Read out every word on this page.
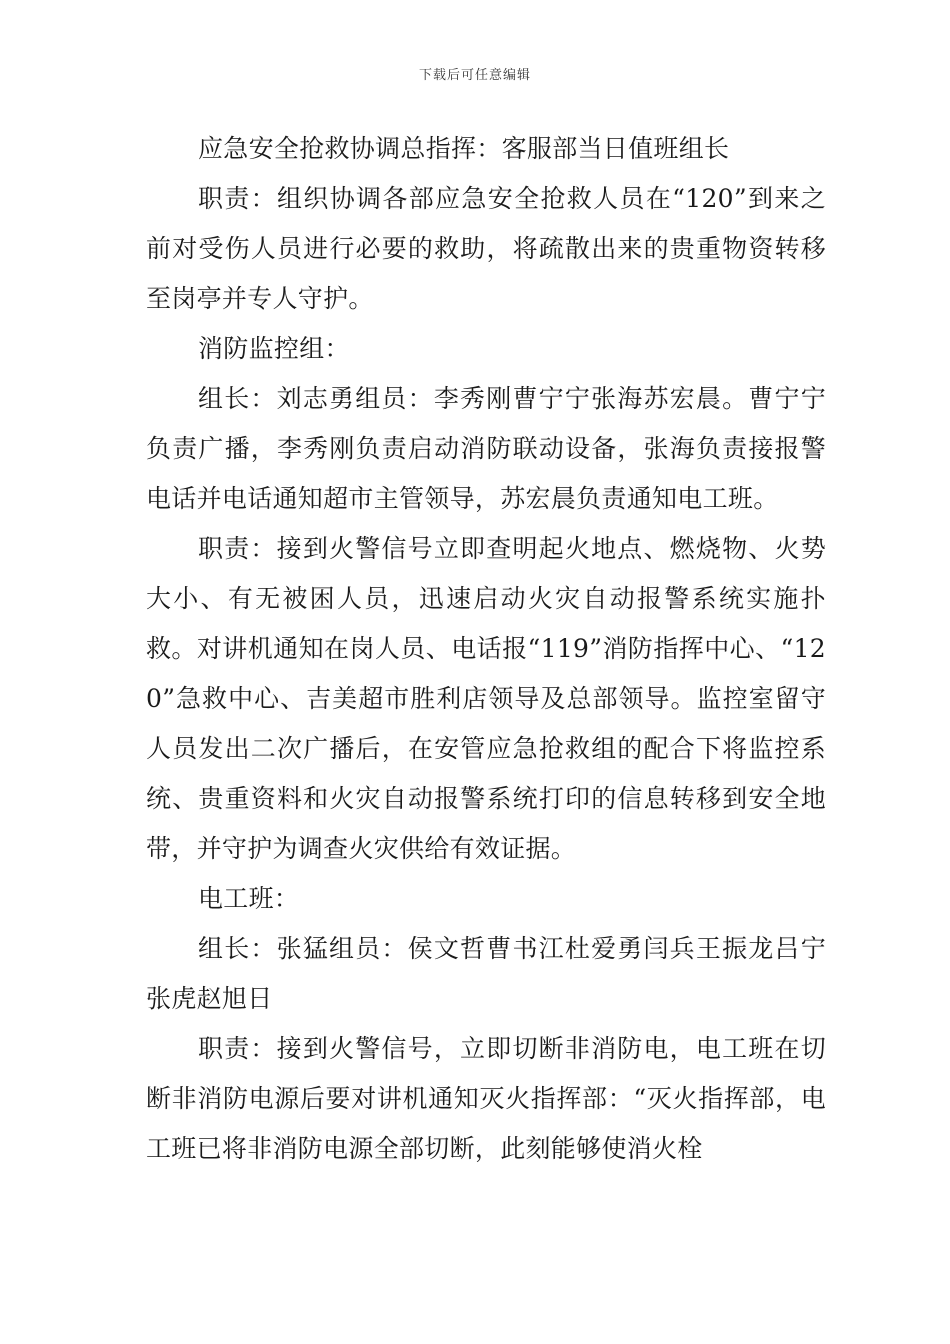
下载后可任意编辑

应急安全抢救协调总指挥：客服部当日值班组长

职责：组织协调各部应急安全抢救人员在“120”到来之前对受伤人员进行必要的救助，将疏散出来的贵重物资转移至岗亭并专人守护。

消防监控组：

组长：刘志勇组员：李秀刚曹宁宁张海苏宏晨。曹宁宁负责广播，李秀刚负责启动消防联动设备，张海负责接报警电话并电话通知超市主管领导，苏宏晨负责通知电工班。

职责：接到火警信号立即查明起火地点、燃烧物、火势大小、有无被困人员，迅速启动火灾自动报警系统实施扑救。对讲机通知在岗人员、电话报“119”消防指挥中心、“120”急救中心、吉美超市胜利店领导及总部领导。监控室留守人员发出二次广播后，在安管应急抢救组的配合下将监控系统、贵重资料和火灾自动报警系统打印的信息转移到安全地带，并守护为调查火灾供给有效证据。

电工班：

组长：张猛组员：侯文哲曹书江杜爱勇闫兵王振龙吕宁张虎赵旭日

职责：接到火警信号，立即切断非消防电，电工班在切断非消防电源后要对讲机通知灭火指挥部：“灭火指挥部，电工班已将非消防电源全部切断，此刻能够使消火栓
